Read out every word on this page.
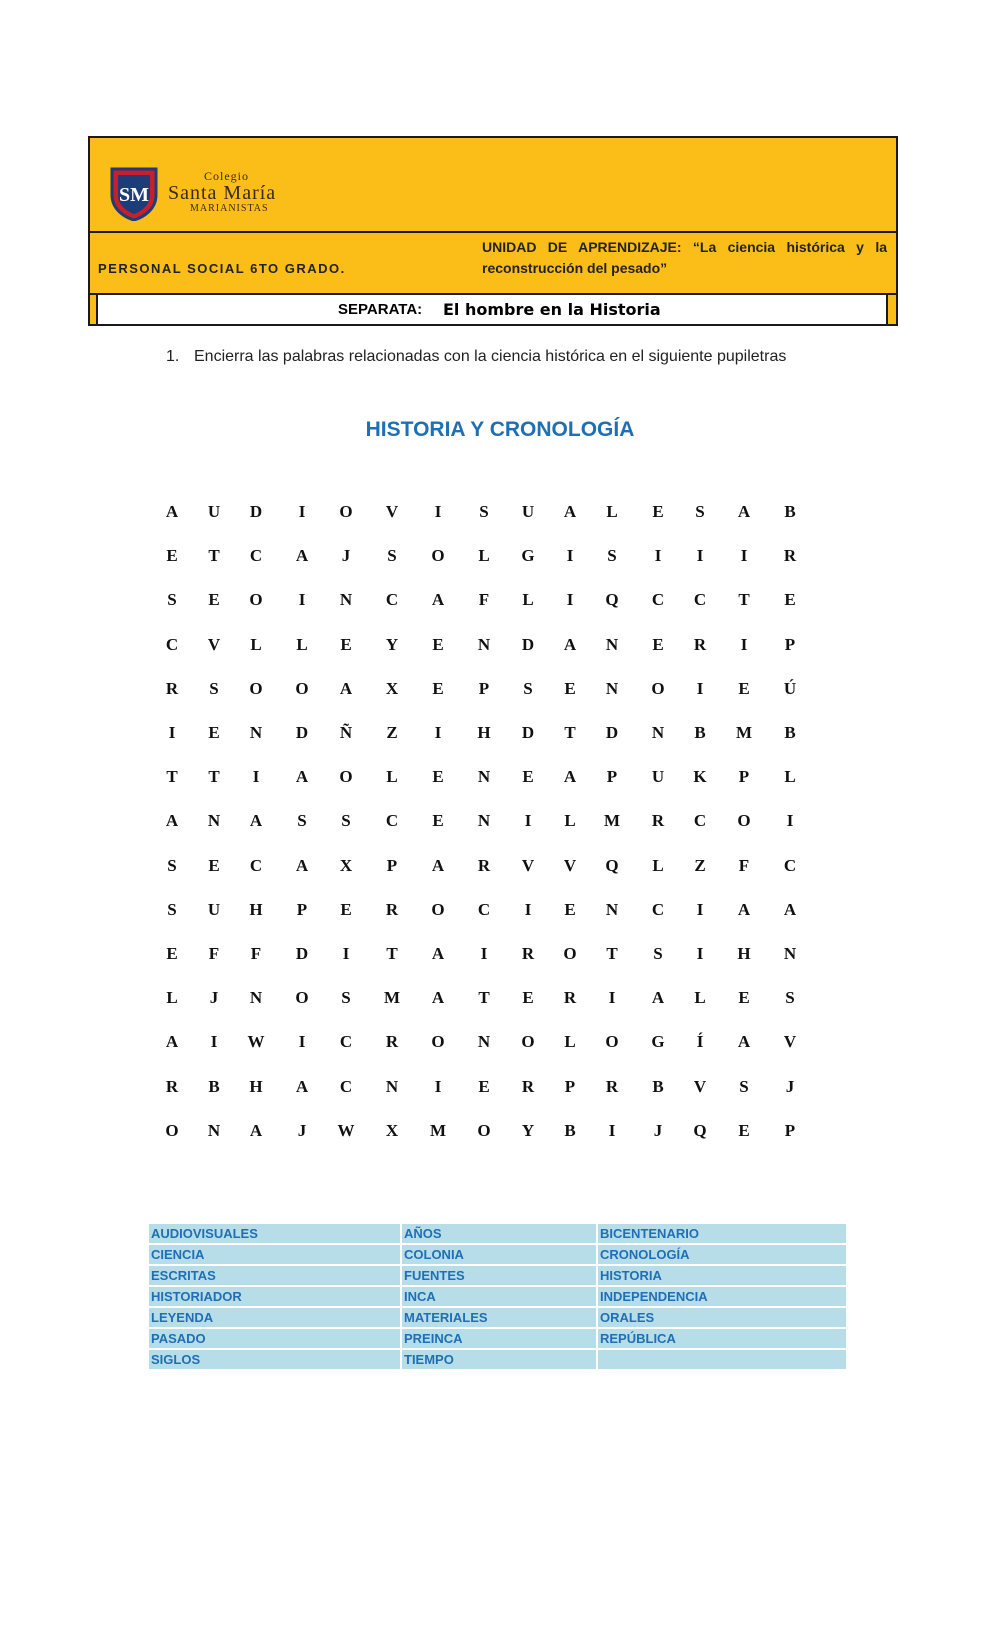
SM
Colegio
Santa María
MARIANISTAS
PERSONAL SOCIAL 6TO GRADO.
UNIDAD DE APRENDIZAJE: “La ciencia histórica y la reconstrucción del pesado”
SEPARATA: El hombre en la Historia
1. Encierra las palabras relacionadas con la ciencia histórica en el siguiente pupiletras
HISTORIA Y CRONOLOGÍA
A	U	D	I	O	V	I	S	U	A	L	E	S	A	B
E	T	C	A	J	S	O	L	G	I	S	I	I	I	R
S	E	O	I	N	C	A	F	L	I	Q	C	C	T	E
C	V	L	L	E	Y	E	N	D	A	N	E	R	I	P
R	S	O	O	A	X	E	P	S	E	N	O	I	E	Ú
I	E	N	D	Ñ	Z	I	H	D	T	D	N	B	M	B
T	T	I	A	O	L	E	N	E	A	P	U	K	P	L
A	N	A	S	S	C	E	N	I	L	M	R	C	O	I
S	E	C	A	X	P	A	R	V	V	Q	L	Z	F	C
S	U	H	P	E	R	O	C	I	E	N	C	I	A	A
E	F	F	D	I	T	A	I	R	O	T	S	I	H	N
L	J	N	O	S	M	A	T	E	R	I	A	L	E	S
A	I	W	I	C	R	O	N	O	L	O	G	Í	A	V
R	B	H	A	C	N	I	E	R	P	R	B	V	S	J
O	N	A	J	W	X	M	O	Y	B	I	J	Q	E	P
AUDIOVISUALES	AÑOS	BICENTENARIO
CIENCIA	COLONIA	CRONOLOGÍA
ESCRITAS	FUENTES	HISTORIA
HISTORIADOR	INCA	INDEPENDENCIA
LEYENDA	MATERIALES	ORALES
PASADO	PREINCA	REPÚBLICA
SIGLOS	TIEMPO	
